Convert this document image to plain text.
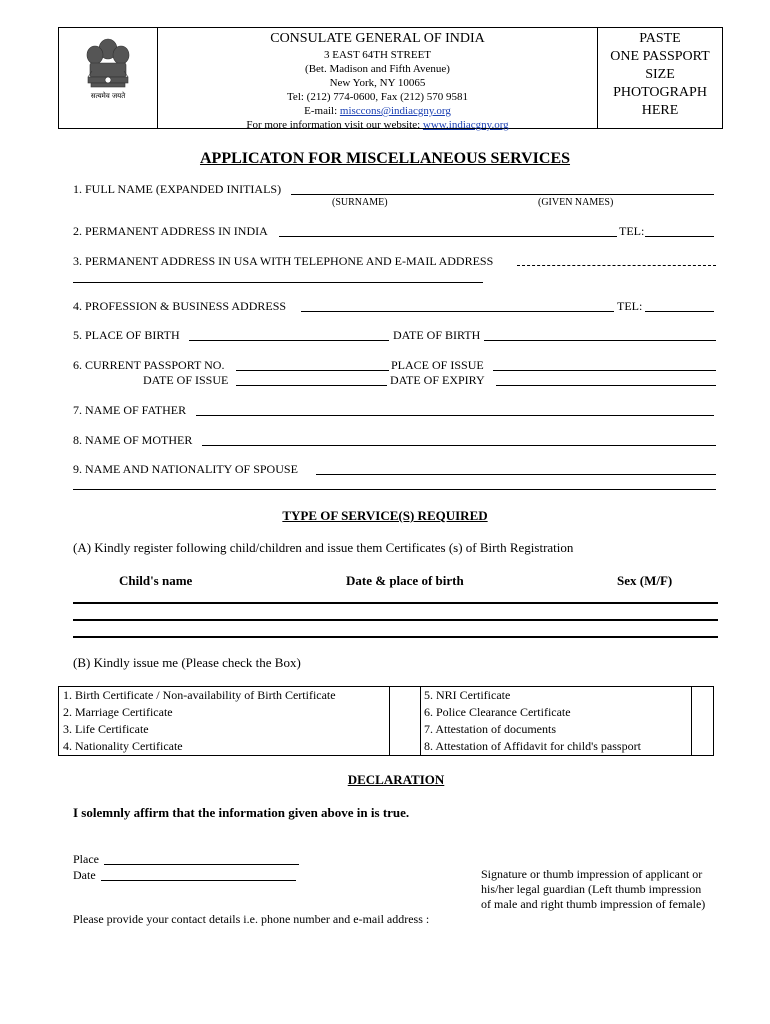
सत्यमेव जयते
CONSULATE GENERAL OF INDIA
3 EAST 64TH STREET
(Bet. Madison and Fifth Avenue)
New York, NY 10065
Tel: (212) 774-0600, Fax (212) 570 9581
E-mail: misccons@indiacgny.org
For more information visit our website: www.indiacgny.org
PASTE
ONE PASSPORT
SIZE
PHOTOGRAPH
HERE
APPLICATON FOR MISCELLANEOUS SERVICES
1. FULL NAME (EXPANDED INITIALS)
(SURNAME)	(GIVEN NAMES)
2. PERMANENT ADDRESS IN INDIA	TEL:
3. PERMANENT ADDRESS IN USA WITH TELEPHONE AND E-MAIL ADDRESS
4. PROFESSION & BUSINESS ADDRESS	TEL:
5. PLACE OF BIRTH	DATE OF BIRTH
6. CURRENT PASSPORT NO.	PLACE OF ISSUE
DATE OF ISSUE	DATE OF EXPIRY
7. NAME OF FATHER
8. NAME OF MOTHER
9. NAME AND NATIONALITY OF SPOUSE
TYPE OF SERVICE(S) REQUIRED
(A) Kindly register following child/children and issue them Certificates (s) of Birth Registration
Child's name	Date & place of birth	Sex (M/F)
(B) Kindly issue me (Please check the Box)
1. Birth Certificate / Non-availability of Birth Certificate
2. Marriage Certificate
3. Life Certificate
4. Nationality Certificate
5. NRI Certificate
6. Police Clearance Certificate
7. Attestation of documents
8. Attestation of Affidavit for child's passport
DECLARATION
I solemnly affirm that the information given above in is true.
Place
Date	Signature or thumb impression of applicant or
his/her legal guardian (Left thumb impression
of male and right thumb impression of female)
Please provide your contact details i.e. phone number and e-mail address :
